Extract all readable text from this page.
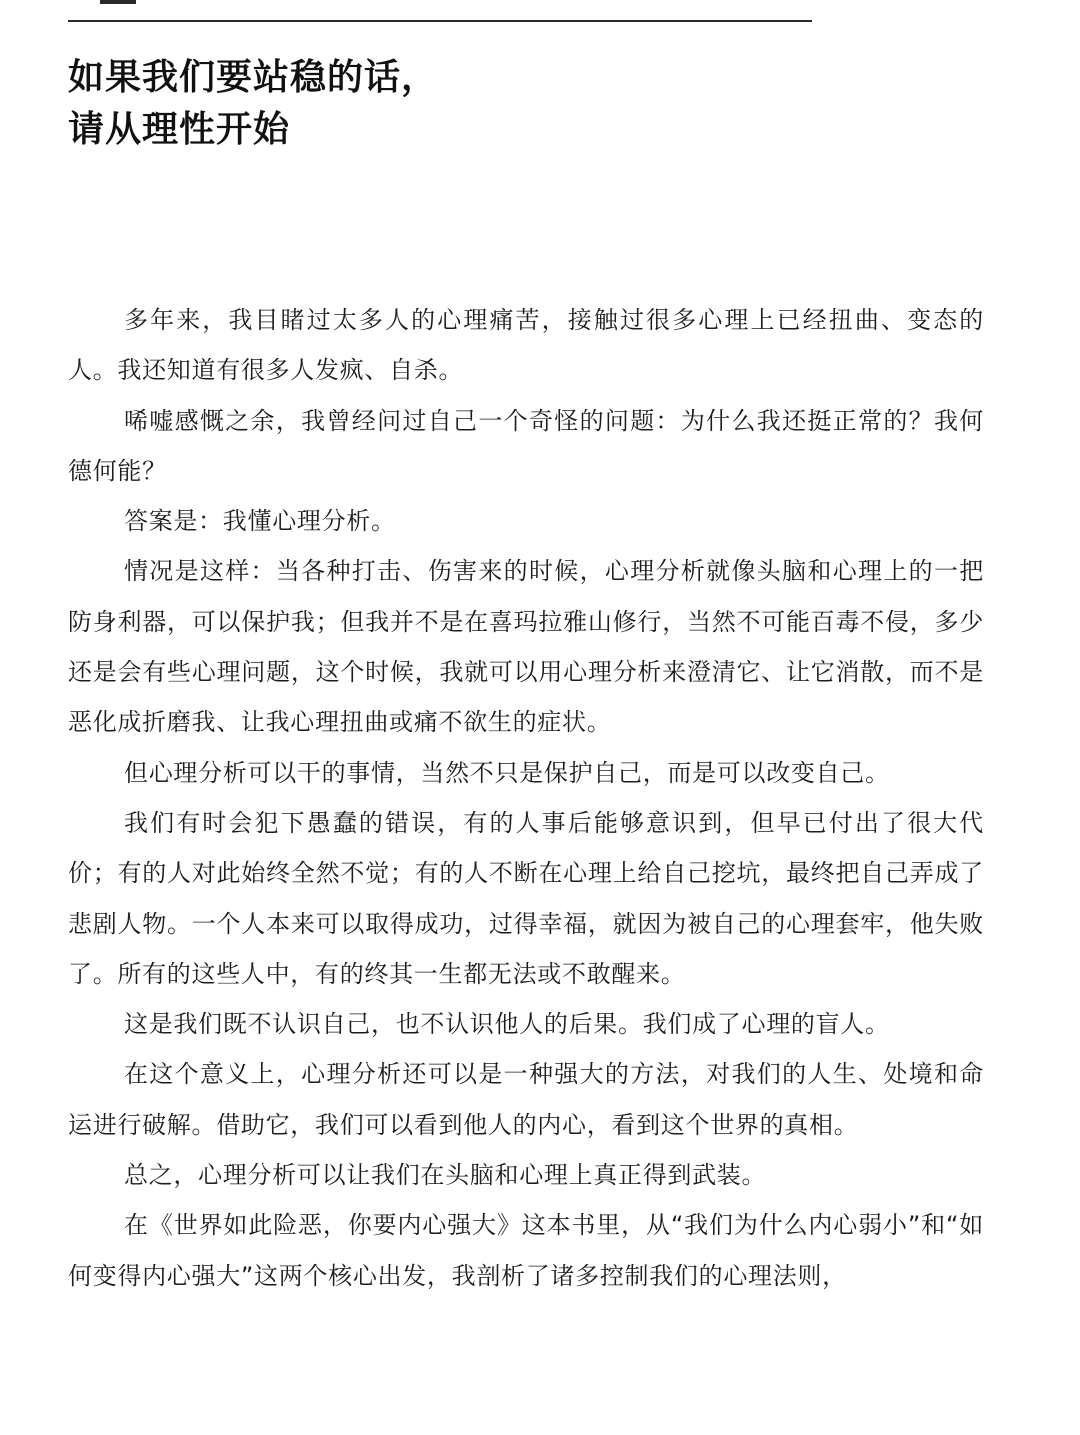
如果我们要站稳的话，
请从理性开始

多年来，我目睹过太多人的心理痛苦，接触过很多心理上已经扭曲、变态的人。我还知道有很多人发疯、自杀。

唏嘘感慨之余，我曾经问过自己一个奇怪的问题：为什么我还挺正常的？我何德何能？

答案是：我懂心理分析。

情况是这样：当各种打击、伤害来的时候，心理分析就像头脑和心理上的一把防身利器，可以保护我；但我并不是在喜玛拉雅山修行，当然不可能百毒不侵，多少还是会有些心理问题，这个时候，我就可以用心理分析来澄清它、让它消散，而不是恶化成折磨我、让我心理扭曲或痛不欲生的症状。

但心理分析可以干的事情，当然不只是保护自己，而是可以改变自己。

我们有时会犯下愚蠢的错误，有的人事后能够意识到，但早已付出了很大代价；有的人对此始终全然不觉；有的人不断在心理上给自己挖坑，最终把自己弄成了悲剧人物。一个人本来可以取得成功，过得幸福，就因为被自己的心理套牢，他失败了。所有的这些人中，有的终其一生都无法或不敢醒来。

这是我们既不认识自己，也不认识他人的后果。我们成了心理的盲人。

在这个意义上，心理分析还可以是一种强大的方法，对我们的人生、处境和命运进行破解。借助它，我们可以看到他人的内心，看到这个世界的真相。

总之，心理分析可以让我们在头脑和心理上真正得到武装。

在《世界如此险恶，你要内心强大》这本书里，从“我们为什么内心弱小”和“如何变得内心强大”这两个核心出发，我剖析了诸多控制我们的心理法则，
